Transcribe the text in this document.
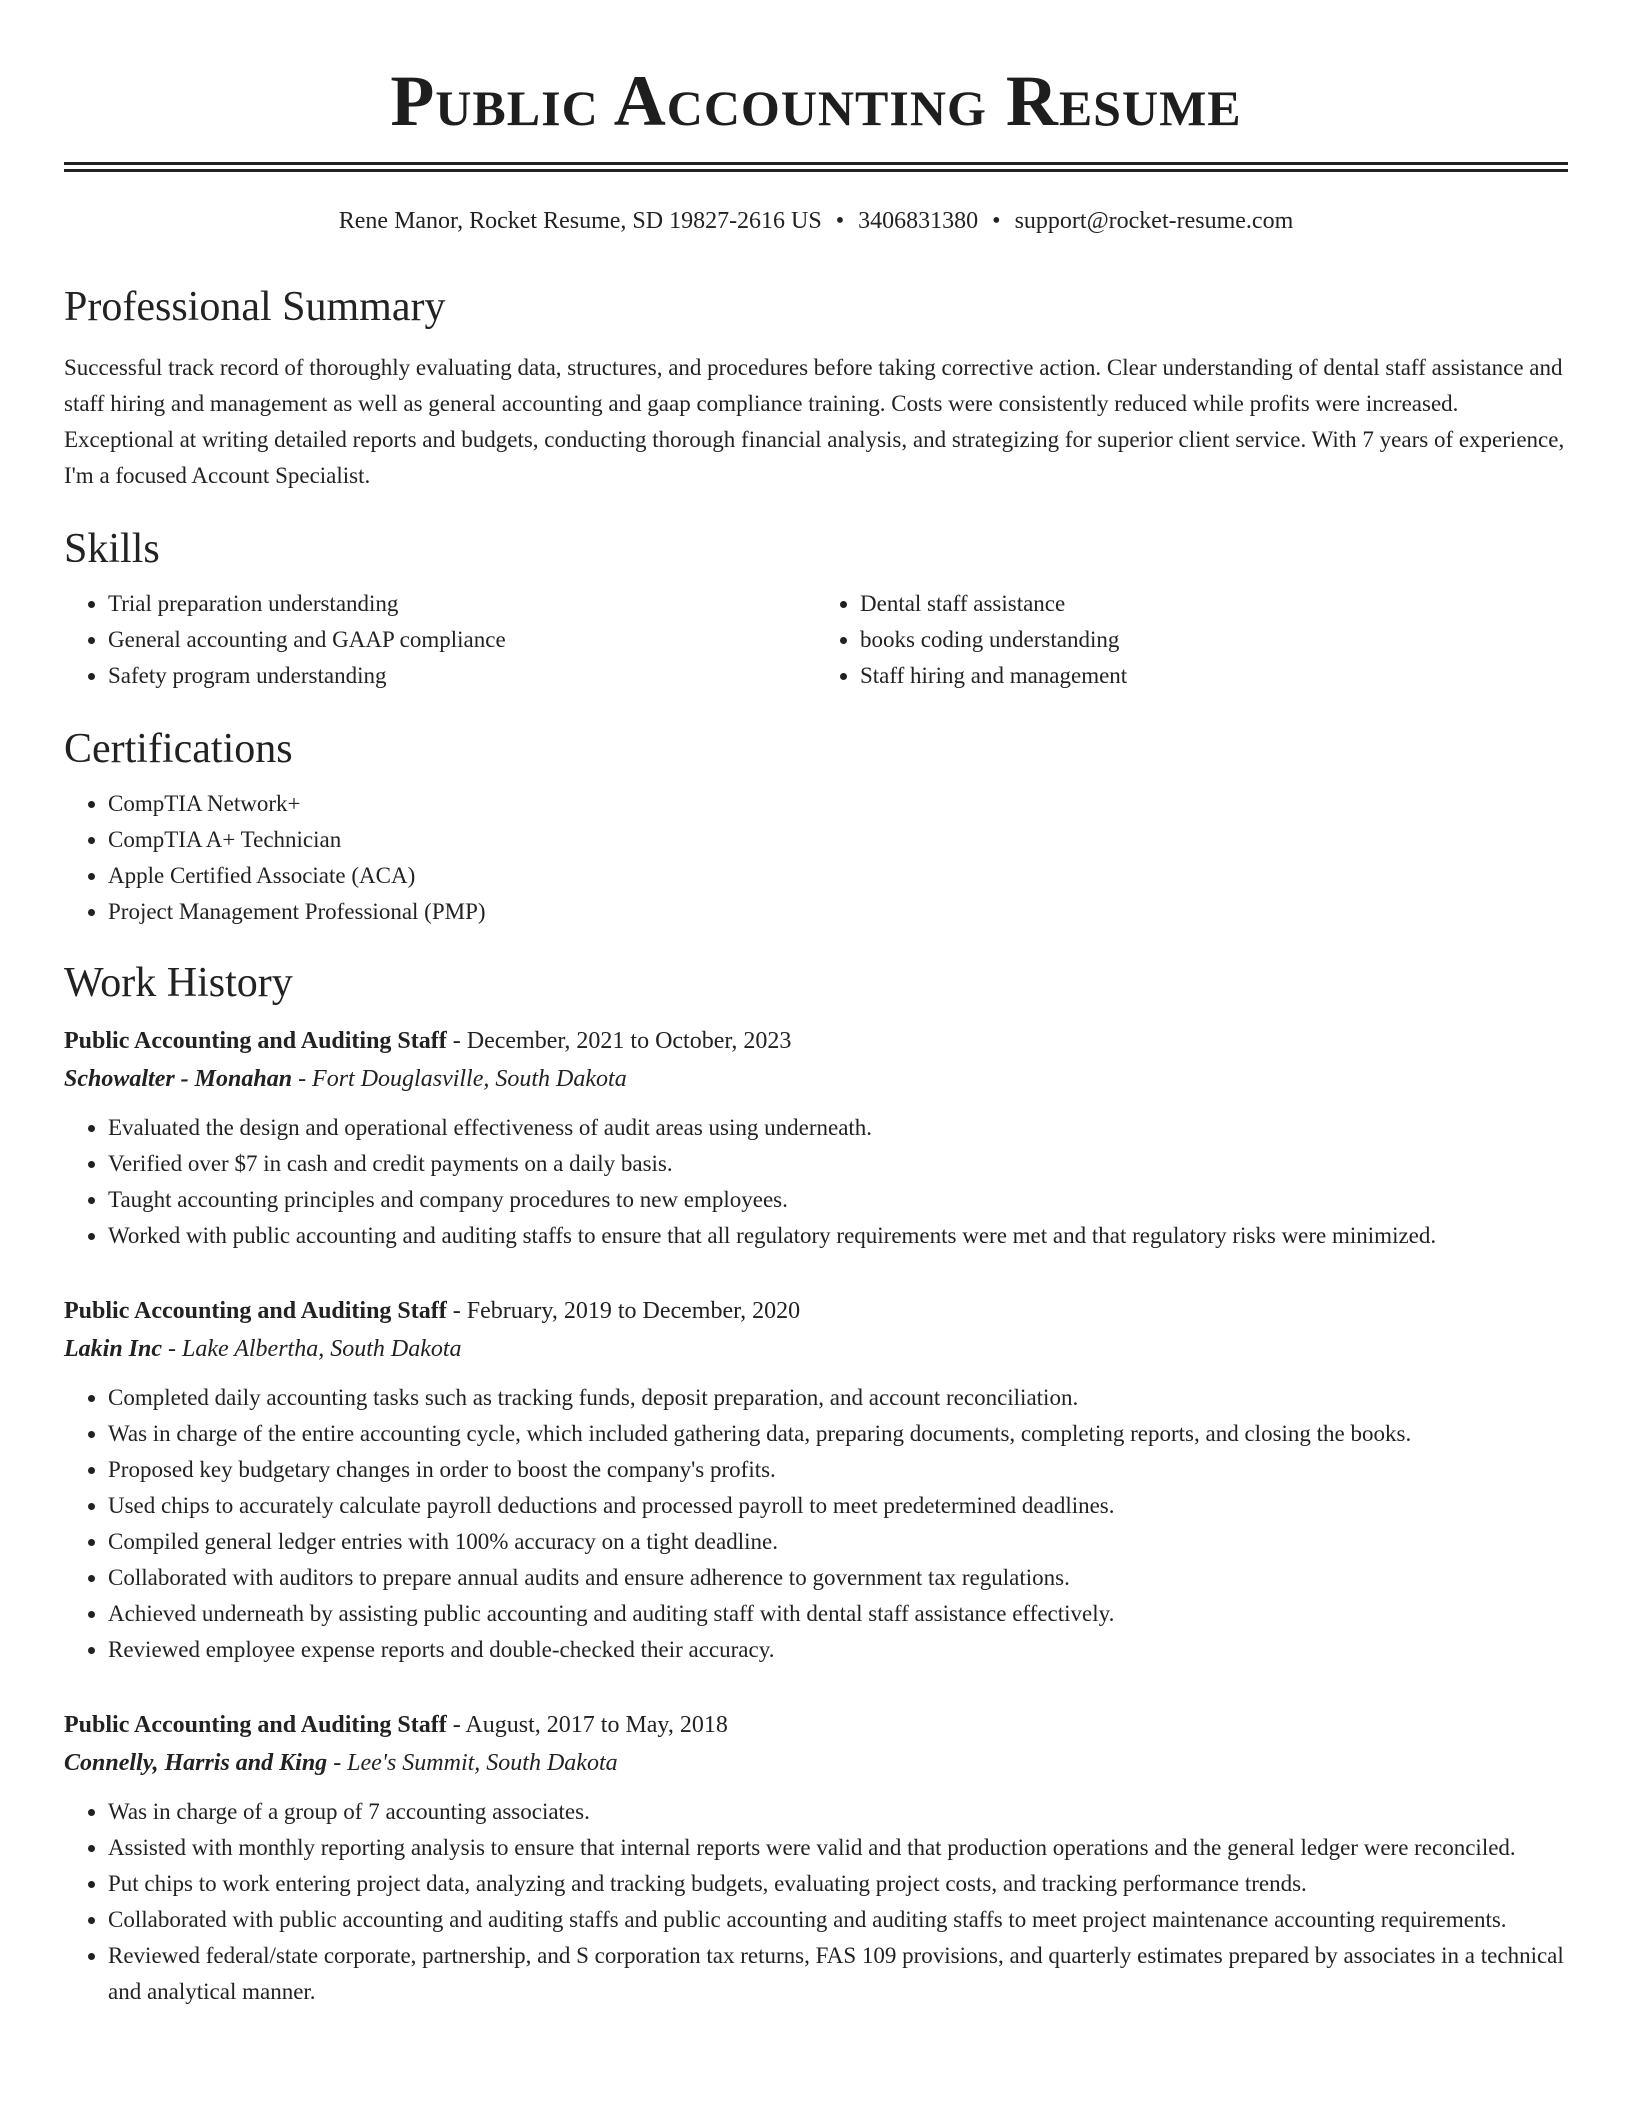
Public Accounting Resume
Rene Manor, Rocket Resume, SD 19827-2616 US • 3406831380 • support@rocket-resume.com
Professional Summary

Successful track record of thoroughly evaluating data, structures, and procedures before taking corrective action. Clear understanding of dental staff assistance and staff hiring and management as well as general accounting and gaap compliance training. Costs were consistently reduced while profits were increased. Exceptional at writing detailed reports and budgets, conducting thorough financial analysis, and strategizing for superior client service. With 7 years of experience, I'm a focused Account Specialist.

Skills
• Trial preparation understanding
• General accounting and GAAP compliance
• Safety program understanding
• Dental staff assistance
• books coding understanding
• Staff hiring and management
Certifications
• CompTIA Network+
• CompTIA A+ Technician
• Apple Certified Associate (ACA)
• Project Management Professional (PMP)
Work History
Public Accounting and Auditing Staff - December, 2021 to October, 2023
Schowalter - Monahan - Fort Douglasville, South Dakota
• Evaluated the design and operational effectiveness of audit areas using underneath.
• Verified over $7 in cash and credit payments on a daily basis.
• Taught accounting principles and company procedures to new employees.
• Worked with public accounting and auditing staffs to ensure that all regulatory requirements were met and that regulatory risks were minimized.
Public Accounting and Auditing Staff - February, 2019 to December, 2020
Lakin Inc - Lake Albertha, South Dakota
• Completed daily accounting tasks such as tracking funds, deposit preparation, and account reconciliation.
• Was in charge of the entire accounting cycle, which included gathering data, preparing documents, completing reports, and closing the books.
• Proposed key budgetary changes in order to boost the company's profits.
• Used chips to accurately calculate payroll deductions and processed payroll to meet predetermined deadlines.
• Compiled general ledger entries with 100% accuracy on a tight deadline.
• Collaborated with auditors to prepare annual audits and ensure adherence to government tax regulations.
• Achieved underneath by assisting public accounting and auditing staff with dental staff assistance effectively.
• Reviewed employee expense reports and double-checked their accuracy.
Public Accounting and Auditing Staff - August, 2017 to May, 2018
Connelly, Harris and King - Lee's Summit, South Dakota
• Was in charge of a group of 7 accounting associates.
• Assisted with monthly reporting analysis to ensure that internal reports were valid and that production operations and the general ledger were reconciled.
• Put chips to work entering project data, analyzing and tracking budgets, evaluating project costs, and tracking performance trends.
• Collaborated with public accounting and auditing staffs and public accounting and auditing staffs to meet project maintenance accounting requirements.
• Reviewed federal/state corporate, partnership, and S corporation tax returns, FAS 109 provisions, and quarterly estimates prepared by associates in a technical and analytical manner.
